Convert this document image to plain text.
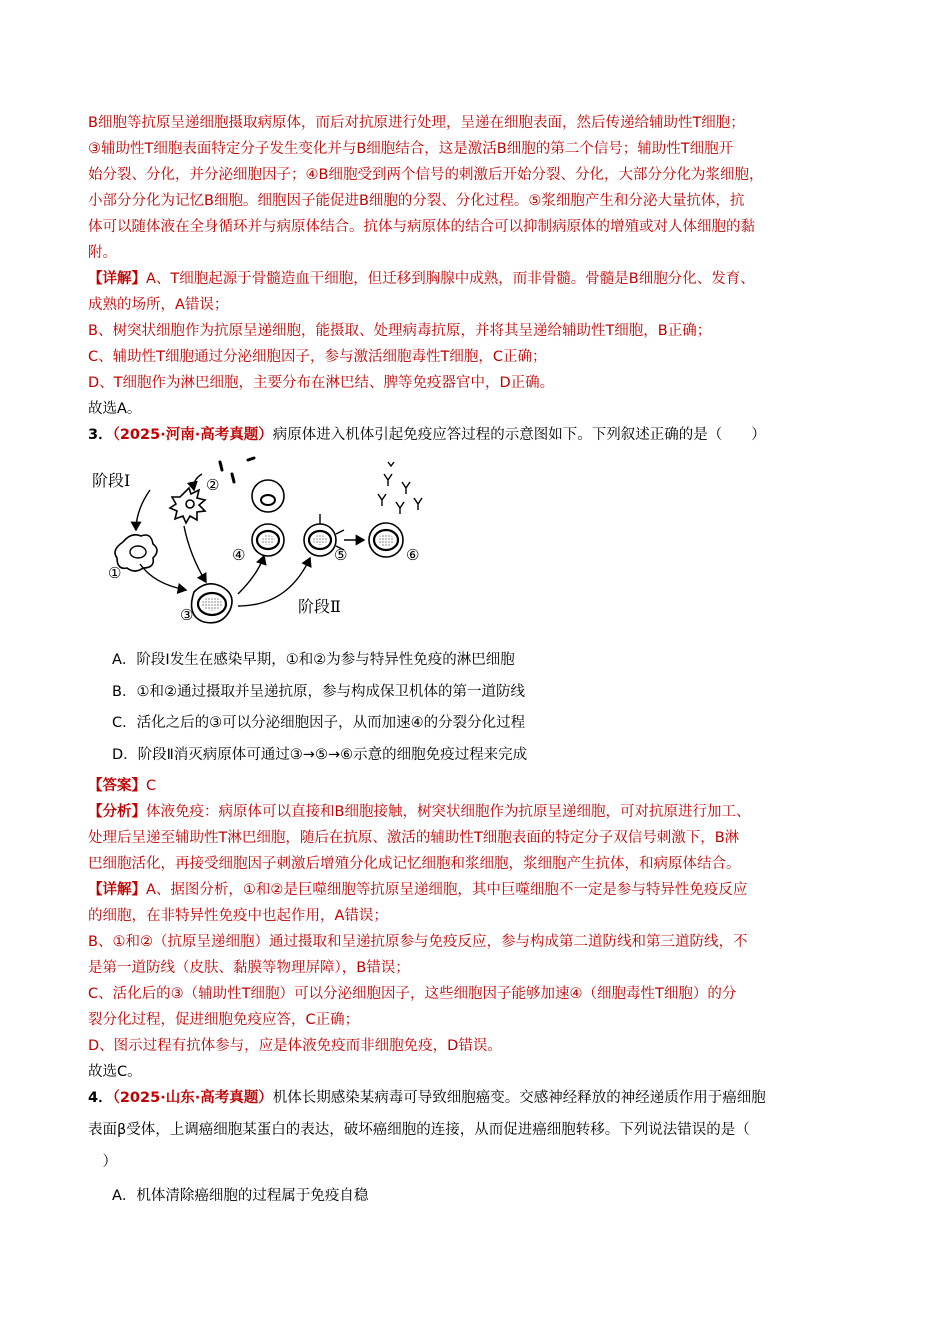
B细胞等抗原呈递细胞摄取病原体，而后对抗原进行处理，呈递在细胞表面，然后传递给辅助性T细胞；

③辅助性T细胞表面特定分子发生变化并与B细胞结合，这是激活B细胞的第二个信号；辅助性T细胞开

始分裂、分化，并分泌细胞因子；④B细胞受到两个信号的刺激后开始分裂、分化，大部分分化为浆细胞，

小部分分化为记忆B细胞。细胞因子能促进B细胞的分裂、分化过程。⑤浆细胞产生和分泌大量抗体，抗

体可以随体液在全身循环并与病原体结合。抗体与病原体的结合可以抑制病原体的增殖或对人体细胞的黏

附。

【详解】A、T细胞起源于骨髓造血干细胞，但迁移到胸腺中成熟，而非骨髓。骨髓是B细胞分化、发育、

成熟的场所，A错误；

B、树突状细胞作为抗原呈递细胞，能摄取、处理病毒抗原，并将其呈递给辅助性T细胞，B正确；

C、辅助性T细胞通过分泌细胞因子，参与激活细胞毒性T细胞，C正确；

D、T细胞作为淋巴细胞，主要分布在淋巴结、脾等免疫器官中，D正确。

故选A。

3．（2025·河南·高考真题）病原体进入机体引起免疫应答过程的示意图如下。下列叙述正确的是（　　）

阶段Ⅰ
阶段Ⅱ
①
②
③
④	⑤	⑥

A．阶段Ⅰ发生在感染早期，①和②为参与特异性免疫的淋巴细胞

B．①和②通过摄取并呈递抗原，参与构成保卫机体的第一道防线

C．活化之后的③可以分泌细胞因子，从而加速④的分裂分化过程

D．阶段Ⅱ消灭病原体可通过③→⑤→⑥示意的细胞免疫过程来完成

【答案】C

【分析】体液免疫：病原体可以直接和B细胞接触，树突状细胞作为抗原呈递细胞，可对抗原进行加工、

处理后呈递至辅助性T淋巴细胞，随后在抗原、激活的辅助性T细胞表面的特定分子双信号刺激下，B淋

巴细胞活化，再接受细胞因子刺激后增殖分化成记忆细胞和浆细胞，浆细胞产生抗体，和病原体结合。

【详解】A、据图分析，①和②是巨噬细胞等抗原呈递细胞，其中巨噬细胞不一定是参与特异性免疫反应

的细胞，在非特异性免疫中也起作用，A错误；

B、①和②（抗原呈递细胞）通过摄取和呈递抗原参与免疫反应，参与构成第二道防线和第三道防线，不

是第一道防线（皮肤、黏膜等物理屏障），B错误；

C、活化后的③（辅助性T细胞）可以分泌细胞因子，这些细胞因子能够加速④（细胞毒性T细胞）的分

裂分化过程，促进细胞免疫应答，C正确；

D、图示过程有抗体参与，应是体液免疫而非细胞免疫，D错误。

故选C。

4．（2025·山东·高考真题）机体长期感染某病毒可导致细胞癌变。交感神经释放的神经递质作用于癌细胞

表面β受体，上调癌细胞某蛋白的表达，破坏癌细胞的连接，从而促进癌细胞转移。下列说法错误的是（

　）

A．机体清除癌细胞的过程属于免疫自稳
